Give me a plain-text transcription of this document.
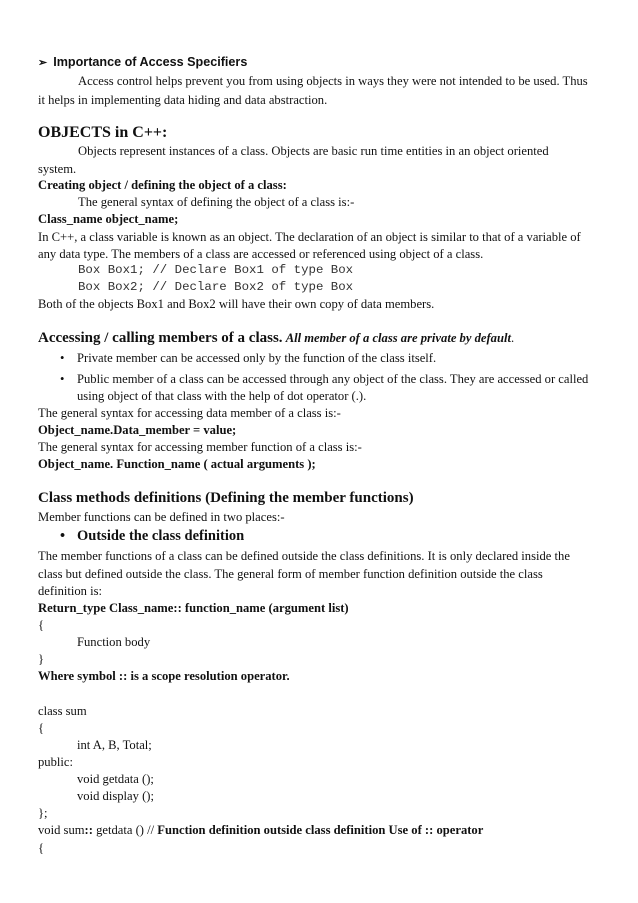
➢ Importance of Access Specifiers
Access control helps prevent you from using objects in ways they were not intended to be used. Thus
it helps in implementing data hiding and data abstraction.
OBJECTS in C++:
Objects represent instances of a class. Objects are basic run time entities in an object oriented
system.
Creating object / defining the object of a class:
The general syntax of defining the object of a class is:-
Class_name object_name;
In C++, a class variable is known as an object. The declaration of an object is similar to that of a variable of
any data type. The members of a class are accessed or referenced using object of a class.
Box Box1; // Declare Box1 of type Box
Box Box2; // Declare Box2 of type Box
Both of the objects Box1 and Box2 will have their own copy of data members.
Accessing / calling members of a class. All member of a class are private by default.
• Private member can be accessed only by the function of the class itself.
• Public member of a class can be accessed through any object of the class. They are accessed or called
using object of that class with the help of dot operator (.).
The general syntax for accessing data member of a class is:-
Object_name.Data_member = value;
The general syntax for accessing member function of a class is:-
Object_name. Function_name ( actual arguments );
Class methods definitions (Defining the member functions)
Member functions can be defined in two places:-
• Outside the class definition
The member functions of a class can be defined outside the class definitions. It is only declared inside the
class but defined outside the class. The general form of member function definition outside the class
definition is:
Return_type Class_name:: function_name (argument list)
{
Function body
}
Where symbol :: is a scope resolution operator.
class sum
{
int A, B, Total;
public:
void getdata ();
void display ();
};
void sum:: getdata () // Function definition outside class definition Use of :: operator
{
